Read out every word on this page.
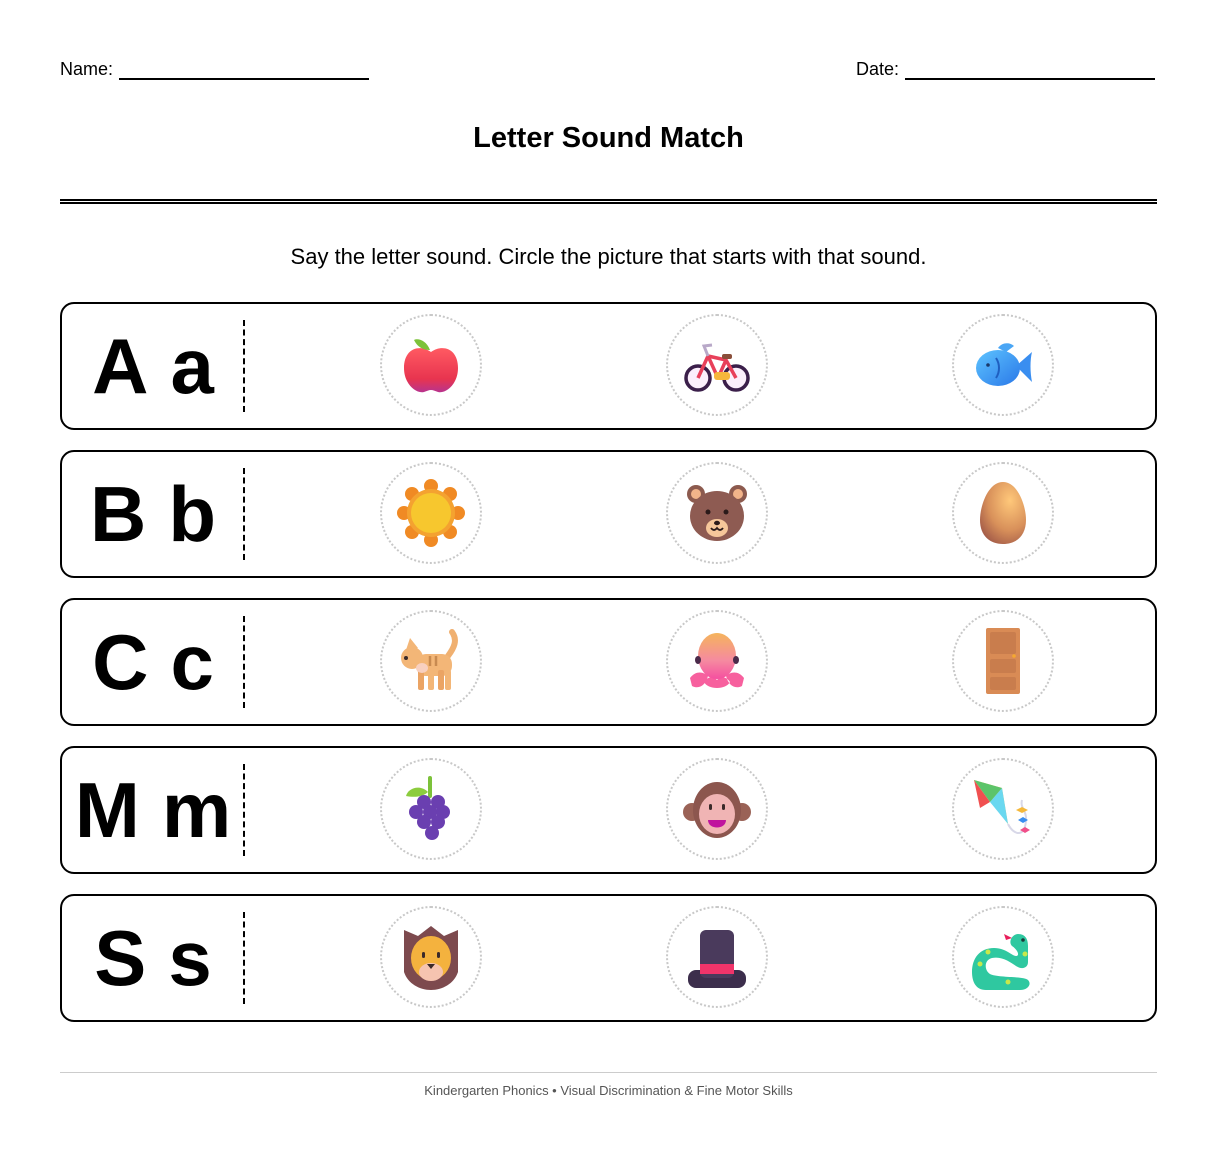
Name:	Date:
Letter Sound Match
Say the letter sound. Circle the picture that starts with that sound.
A a
B b
C c
M m
S s
Kindergarten Phonics • Visual Discrimination & Fine Motor Skills
